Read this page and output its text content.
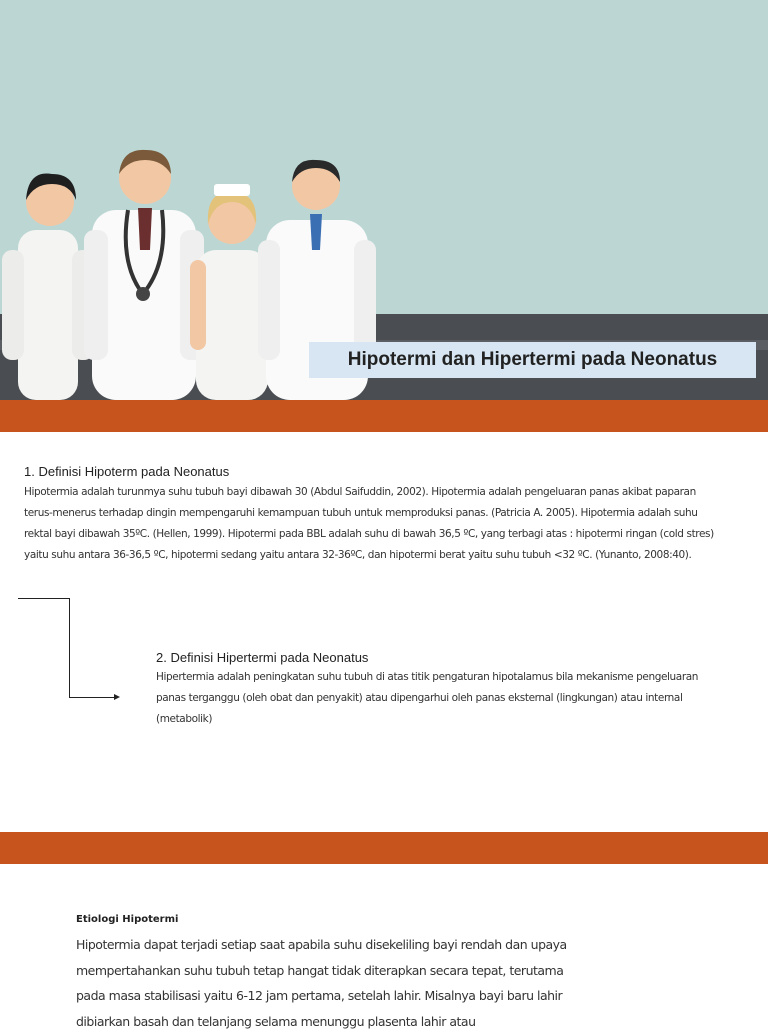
Hipotermi dan Hipertermi pada Neonatus
1. Definisi Hipoterm pada Neonatus
Hipotermia adalah turunmya suhu tubuh bayi dibawah 30 (Abdul Saifuddin, 2002). Hipotermia adalah pengeluaran panas akibat paparan terus-menerus terhadap dingin mempengaruhi kemampuan tubuh untuk memproduksi panas. (Patricia A. 2005). Hipotermia adalah suhu rektal bayi dibawah 35ºC. (Hellen, 1999). Hipotermi pada BBL adalah suhu di bawah 36,5 ºC, yang terbagi atas : hipotermi ringan (cold stres) yaitu suhu antara 36-36,5 ºC, hipotermi sedang yaitu antara 32-36ºC, dan hipotermi berat yaitu suhu tubuh <32 ºC. (Yunanto, 2008:40).
2. Definisi Hipertermi pada Neonatus
Hipertermia adalah peningkatan suhu tubuh di atas titik pengaturan hipotalamus bila mekanisme pengeluaran panas terganggu (oleh obat dan penyakit) atau dipengarhui oleh panas eksternal (lingkungan) atau internal (metabolik)
Etiologi Hipotermi
Hipotermia dapat terjadi setiap saat apabila suhu disekeliling bayi rendah dan upaya mempertahankan suhu tubuh tetap hangat tidak diterapkan secara tepat, terutama pada masa stabilisasi yaitu 6-12 jam pertama, setelah lahir. Misalnya bayi baru lahir dibiarkan basah dan telanjang selama menunggu plasenta lahir atau
